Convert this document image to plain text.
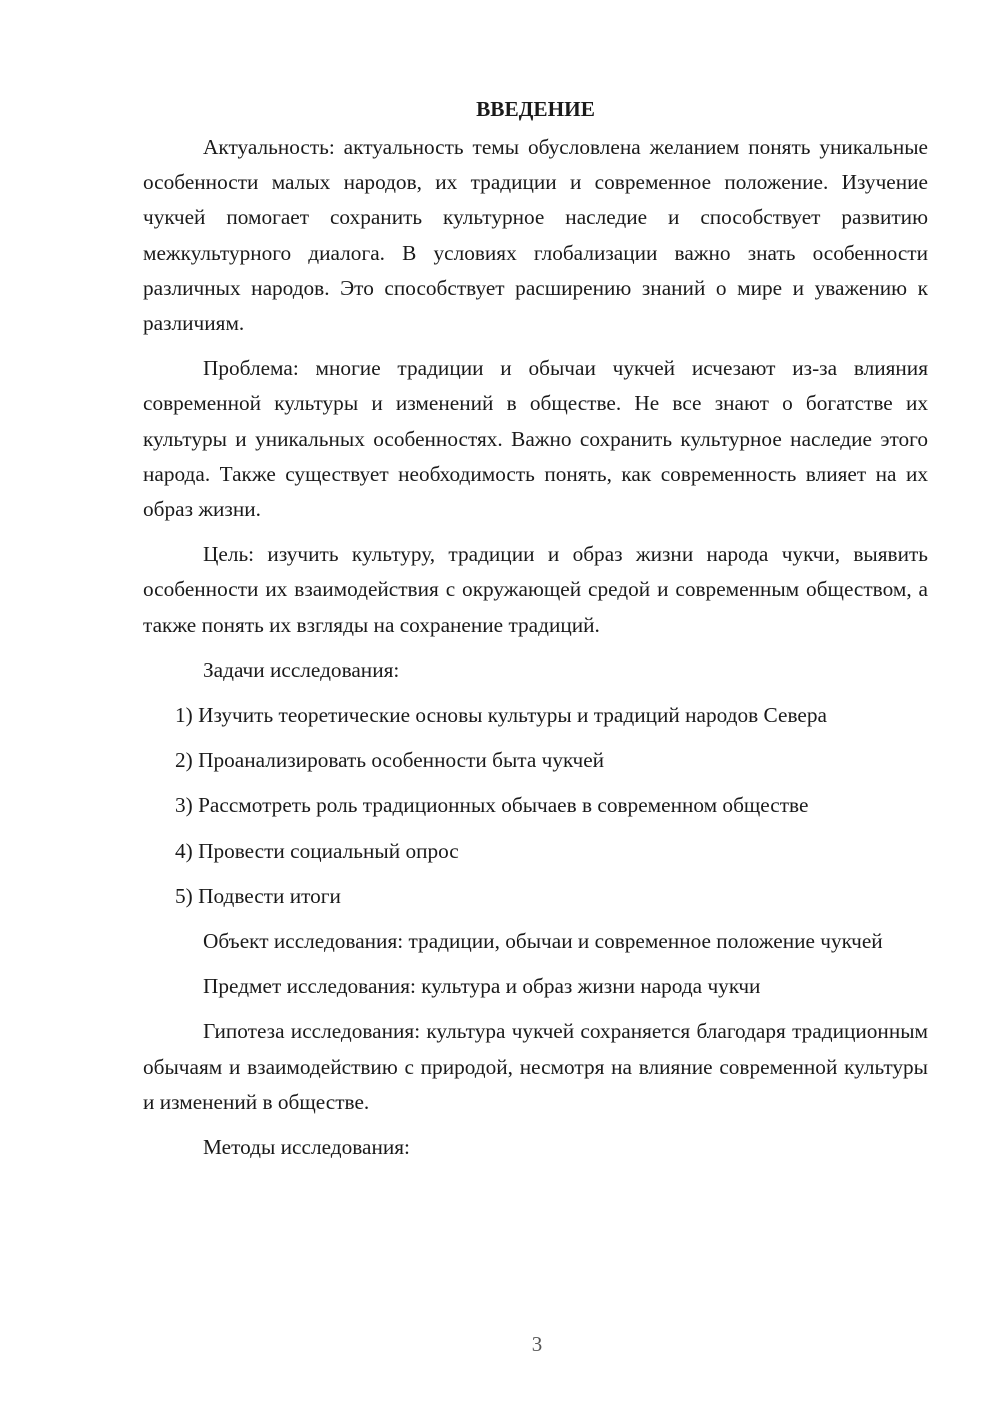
ВВЕДЕНИЕ

Актуальность: актуальность темы обусловлена желанием понять уникальные особенности малых народов, их традиции и современное положение. Изучение чукчей помогает сохранить культурное наследие и способствует развитию межкультурного диалога. В условиях глобализации важно знать особенности различных народов. Это способствует расширению знаний о мире и уважению к различиям.

Проблема: многие традиции и обычаи чукчей исчезают из-за влияния современной культуры и изменений в обществе. Не все знают о богатстве их культуры и уникальных особенностях. Важно сохранить культурное наследие этого народа. Также существует необходимость понять, как современность влияет на их образ жизни.

Цель: изучить культуру, традиции и образ жизни народа чукчи, выявить особенности их взаимодействия с окружающей средой и современным обществом, а также понять их взгляды на сохранение традиций.

Задачи исследования:

1) Изучить теоретические основы культуры и традиций народов Севера

2) Проанализировать особенности быта чукчей

3) Рассмотреть роль традиционных обычаев в современном обществе

4) Провести социальный опрос

5) Подвести итоги

Объект исследования: традиции, обычаи и современное положение чукчей

Предмет исследования: культура и образ жизни народа чукчи

Гипотеза исследования: культура чукчей сохраняется благодаря традиционным обычаям и взаимодействию с природой, несмотря на влияние современной культуры и изменений в обществе.

Методы исследования:

3
